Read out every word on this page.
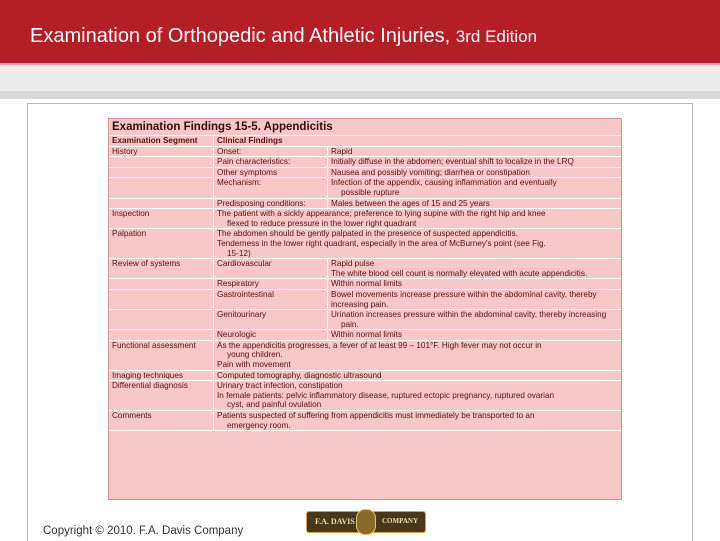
Examination of Orthopedic and Athletic Injuries, 3rd Edition
Examination Findings 15-5. Appendicitis
Examination Segment	Clinical Findings	
History	Onset:	Rapid
	Pain characteristics:	Initially diffuse in the abdomen; eventual shift to localize in the LRQ
	Other symptoms	Nausea and possibly vomiting; diarrhea or constipation
	Mechanism:	Infection of the appendix, causing inflammation and eventually
possible rupture

	Predisposing conditions:	Males between the ages of 15 and 25 years
Inspection	The patient with a sickly appearance; preference to lying supine with the right hip and knee
flexed to reduce pressure in the lower right quadrant	

Palpation	The abdomen should be gently palpated in the presence of suspected appendicitis.
Tenderness in the lower right quadrant, especially in the area of McBurney's point (see Fig.
15-12)	

Review of systems	Cardiovascular	Rapid pulse
The white blood cell count is normally elevated with acute appendicitis.

	Respiratory	Within normal limits
	Gastrointestinal	Bowel movements increase pressure within the abdominal cavity, thereby
increasing pain.

	Genitourinary	Urination increases pressure within the abdominal cavity, thereby increasing
pain.

	Neurologic	Within normal limits
Functional assessment	As the appendicitis progresses, a fever of at least 99 – 101°F. High fever may not occur in
young children.
Pain with movement	

Imaging techniques	Computed tomography, diagnostic ultrasound	
Differential diagnosis	Urinary tract infection, constipation
In female patients: pelvic inflammatory disease, ruptured ectopic pregnancy, ruptured ovarian
cyst, and painful ovulation	

Comments	Patients suspected of suffering from appendicitis must immediately be transported to an
emergency room.	
Copyright © 2010. F.A. Davis Company
F.A. DAVIS	COMPANY
